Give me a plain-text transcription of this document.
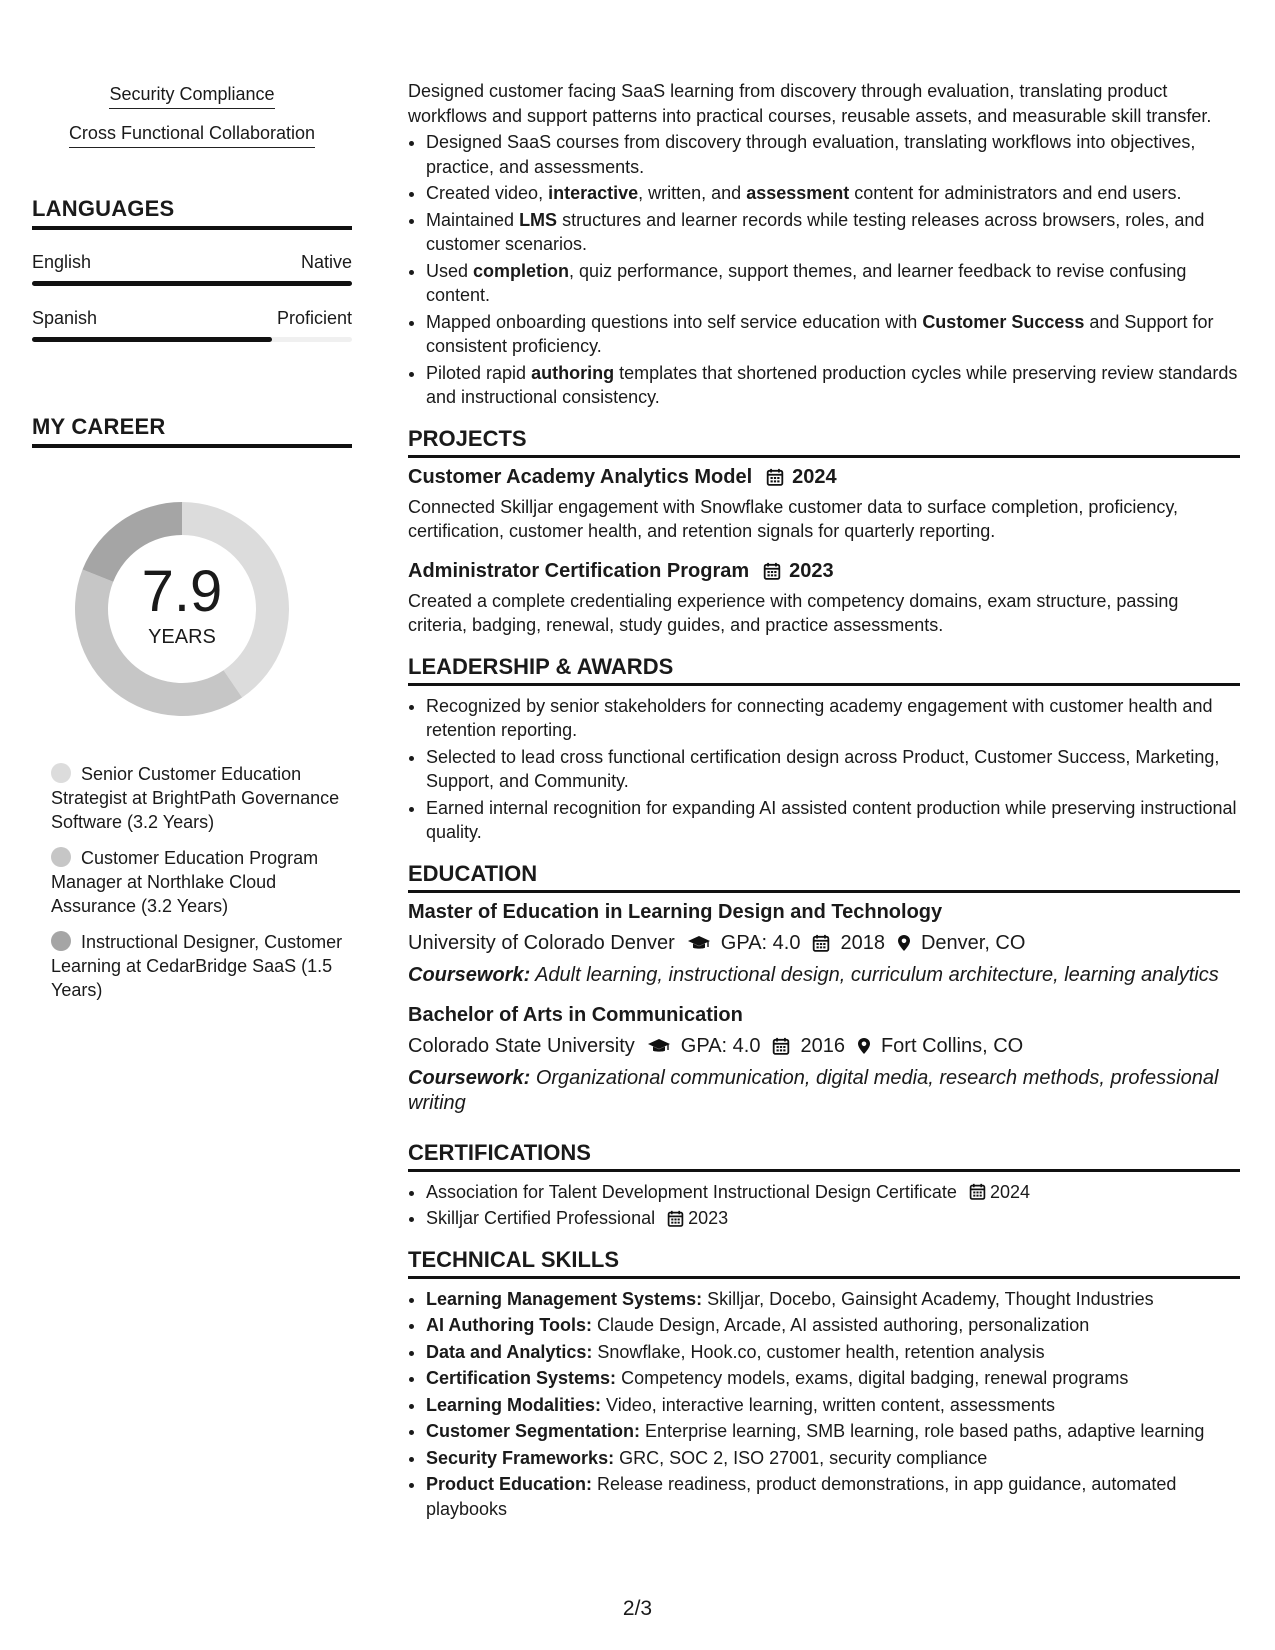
Security Compliance
Cross Functional Collaboration
LANGUAGES
English	Native
Spanish	Proficient
MY CAREER
7.9
YEARS
Senior Customer Education Strategist at BrightPath Governance Software (3.2 Years)
Customer Education Program Manager at Northlake Cloud Assurance (3.2 Years)
Instructional Designer, Customer Learning at CedarBridge SaaS (1.5 Years)

Designed customer facing SaaS learning from discovery through evaluation, translating product workflows and support patterns into practical courses, reusable assets, and measurable skill transfer.

• Designed SaaS courses from discovery through evaluation, translating workflows into objectives, practice, and assessments.
• Created video, interactive, written, and assessment content for administrators and end users.
• Maintained LMS structures and learner records while testing releases across browsers, roles, and customer scenarios.
• Used completion, quiz performance, support themes, and learner feedback to revise confusing content.
• Mapped onboarding questions into self service education with Customer Success and Support for consistent proficiency.
• Piloted rapid authoring templates that shortened production cycles while preserving review standards and instructional consistency.
PROJECTS
Customer Academy Analytics Model 2024

Connected Skilljar engagement with Snowflake customer data to surface completion, proficiency, certification, customer health, and retention signals for quarterly reporting.

Administrator Certification Program 2023

Created a complete credentialing experience with competency domains, exam structure, passing criteria, badging, renewal, study guides, and practice assessments.

LEADERSHIP & AWARDS
• Recognized by senior stakeholders for connecting academy engagement with customer health and retention reporting.
• Selected to lead cross functional certification design across Product, Customer Success, Marketing, Support, and Community.
• Earned internal recognition for expanding AI assisted content production while preserving instructional quality.
EDUCATION
Master of Education in Learning Design and Technology
University of Colorado Denver GPA: 4.0 2018 Denver, CO
Coursework: Adult learning, instructional design, curriculum architecture, learning analytics
Bachelor of Arts in Communication
Colorado State University GPA: 4.0 2016 Fort Collins, CO
Coursework: Organizational communication, digital media, research methods, professional writing
CERTIFICATIONS
• Association for Talent Development Instructional Design Certificate 2024
• Skilljar Certified Professional 2023
TECHNICAL SKILLS
• Learning Management Systems: Skilljar, Docebo, Gainsight Academy, Thought Industries
• AI Authoring Tools: Claude Design, Arcade, AI assisted authoring, personalization
• Data and Analytics: Snowflake, Hook.co, customer health, retention analysis
• Certification Systems: Competency models, exams, digital badging, renewal programs
• Learning Modalities: Video, interactive learning, written content, assessments
• Customer Segmentation: Enterprise learning, SMB learning, role based paths, adaptive learning
• Security Frameworks: GRC, SOC 2, ISO 27001, security compliance
• Product Education: Release readiness, product demonstrations, in app guidance, automated playbooks
2/3
